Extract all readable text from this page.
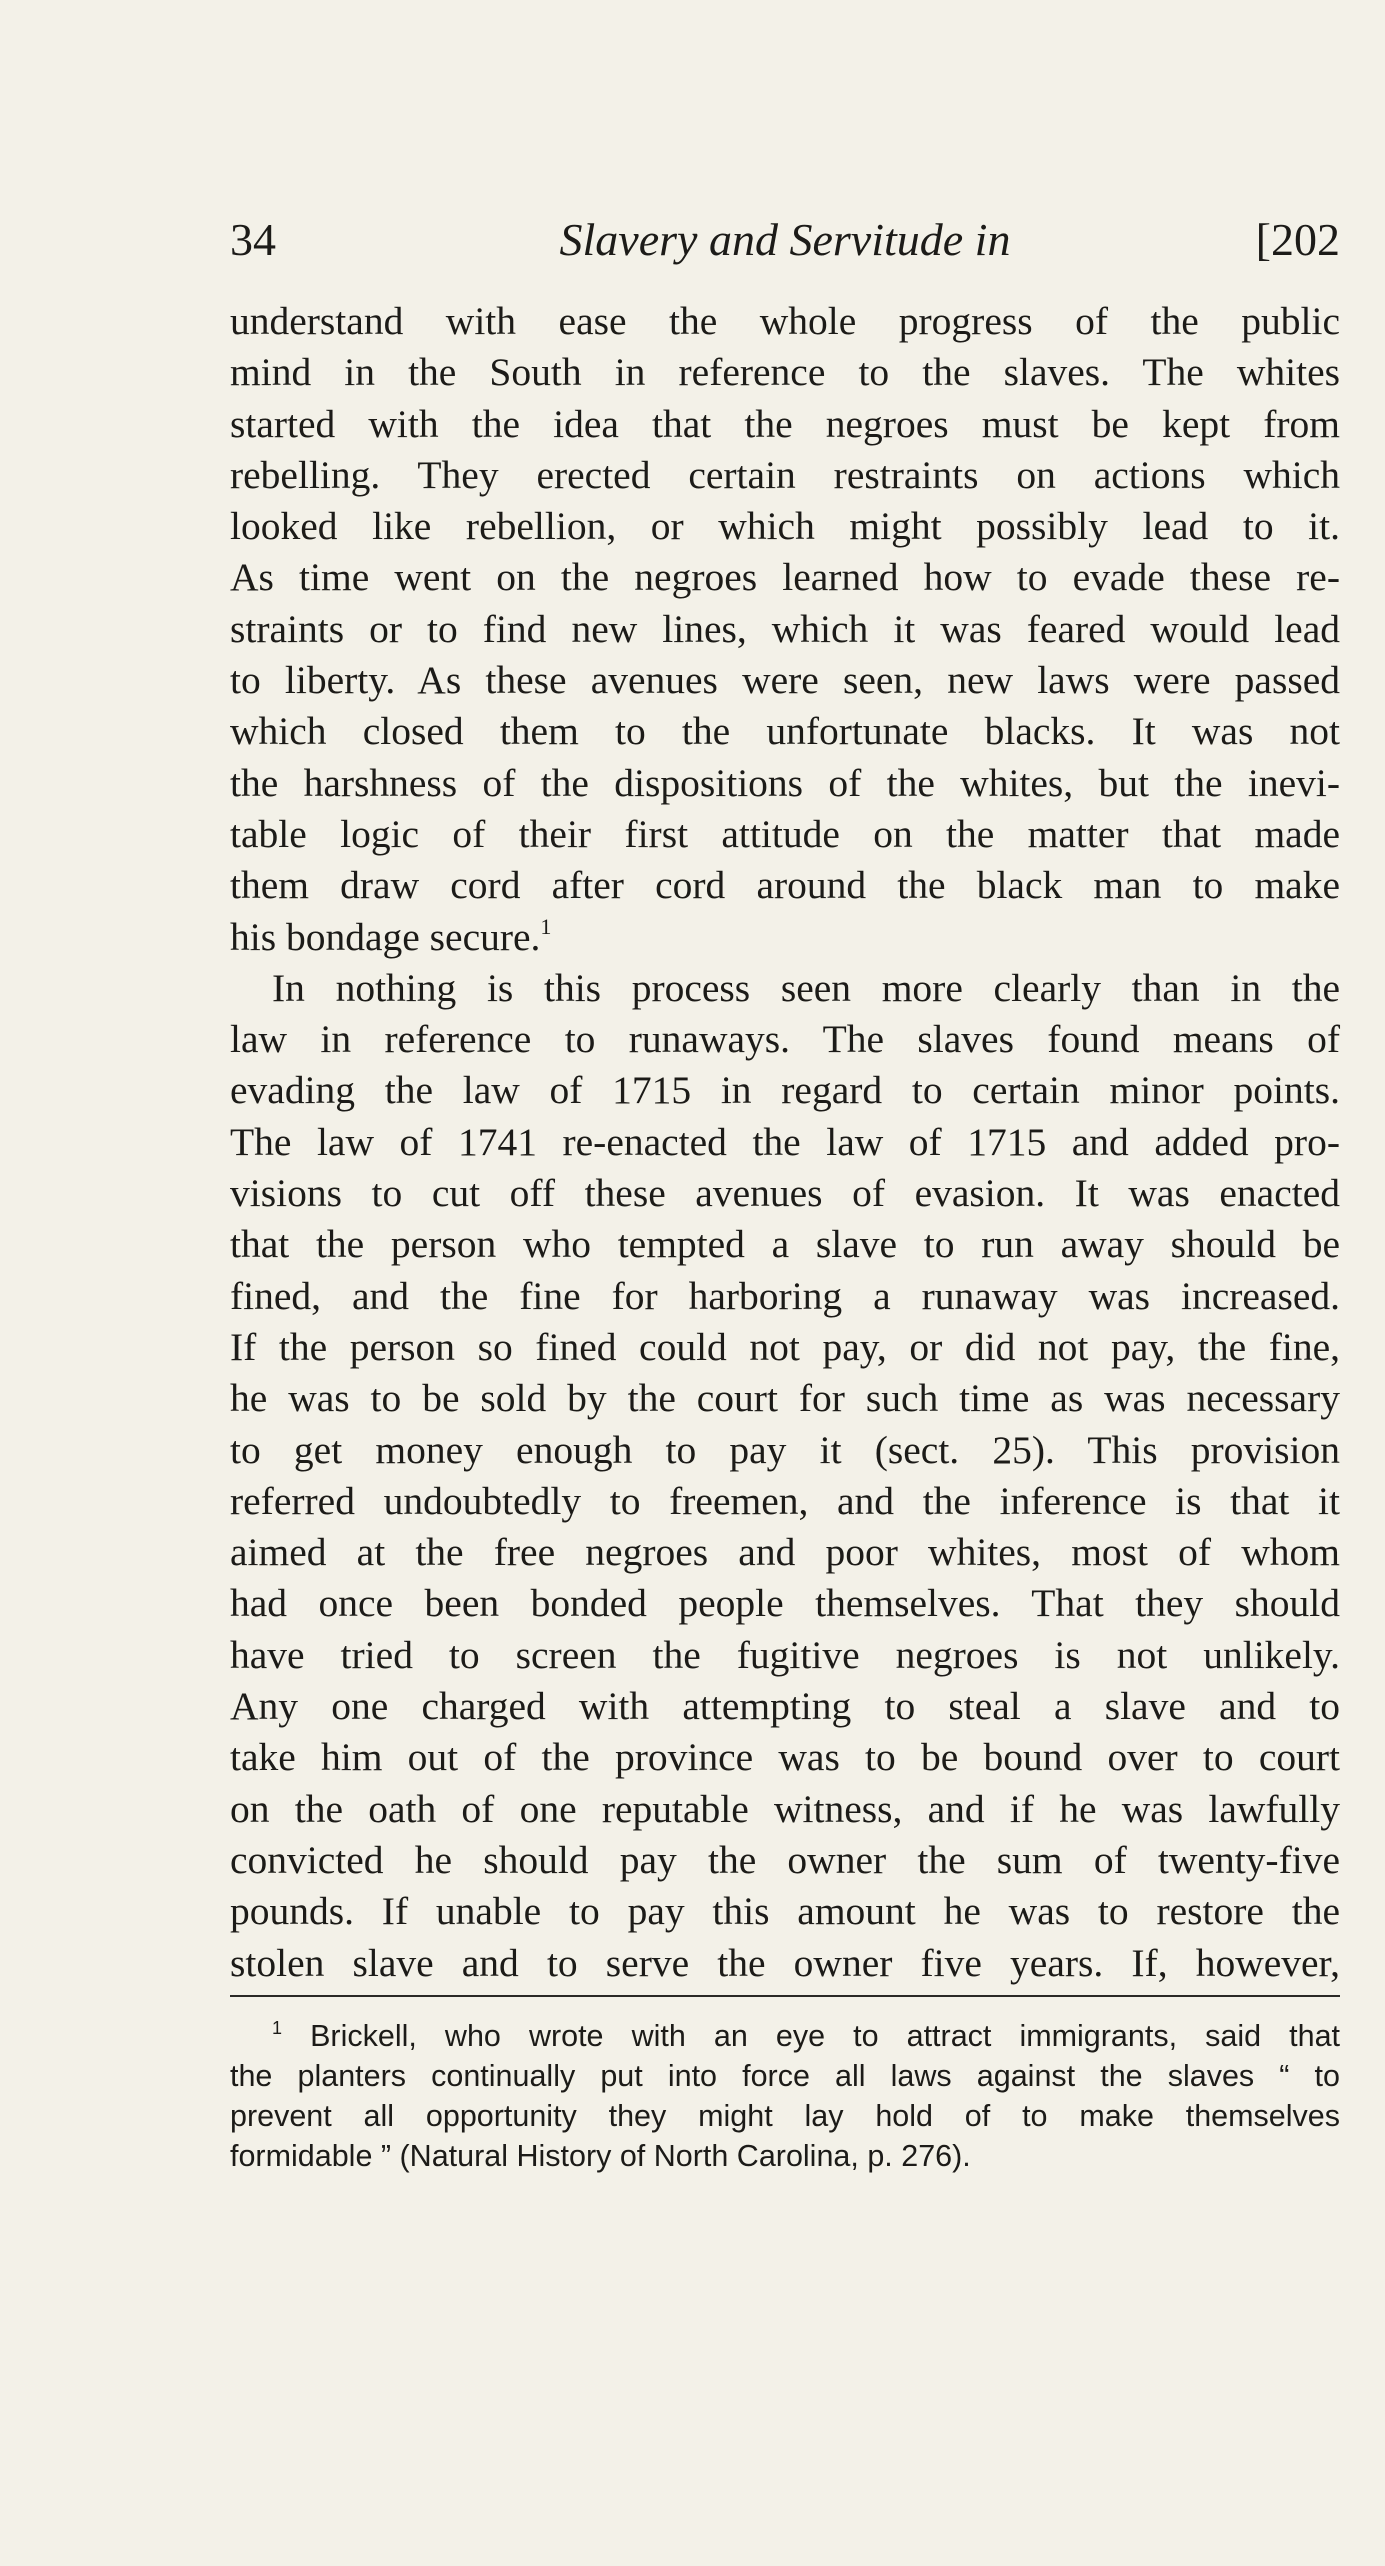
34	Slavery and Servitude in	[202
understand with ease the whole progress of the public
mind in the South in reference to the slaves. The whites
started with the idea that the negroes must be kept from
rebelling. They erected certain restraints on actions which
looked like rebellion, or which might possibly lead to it.
As time went on the negroes learned how to evade these re-
straints or to find new lines, which it was feared would lead
to liberty. As these avenues were seen, new laws were passed
which closed them to the unfortunate blacks. It was not
the harshness of the dispositions of the whites, but the inevi-
table logic of their first attitude on the matter that made
them draw cord after cord around the black man to make
his bondage secure.$^1$
In nothing is this process seen more clearly than in the
law in reference to runaways. The slaves found means of
evading the law of 1715 in regard to certain minor points.
The law of 1741 re-enacted the law of 1715 and added pro-
visions to cut off these avenues of evasion. It was enacted
that the person who tempted a slave to run away should be
fined, and the fine for harboring a runaway was increased.
If the person so fined could not pay, or did not pay, the fine,
he was to be sold by the court for such time as was necessary
to get money enough to pay it (sect. 25). This provision
referred undoubtedly to freemen, and the inference is that it
aimed at the free negroes and poor whites, most of whom
had once been bonded people themselves. That they should
have tried to screen the fugitive negroes is not unlikely.
Any one charged with attempting to steal a slave and to
take him out of the province was to be bound over to court
on the oath of one reputable witness, and if he was lawfully
convicted he should pay the owner the sum of twenty-five
pounds. If unable to pay this amount he was to restore the
stolen slave and to serve the owner five years. If, however,
$^1$ Brickell, who wrote with an eye to attract immigrants, said that
the planters continually put into force all laws against the slaves “ to
prevent all opportunity they might lay hold of to make themselves
formidable ” (Natural History of North Carolina, p. 276).
